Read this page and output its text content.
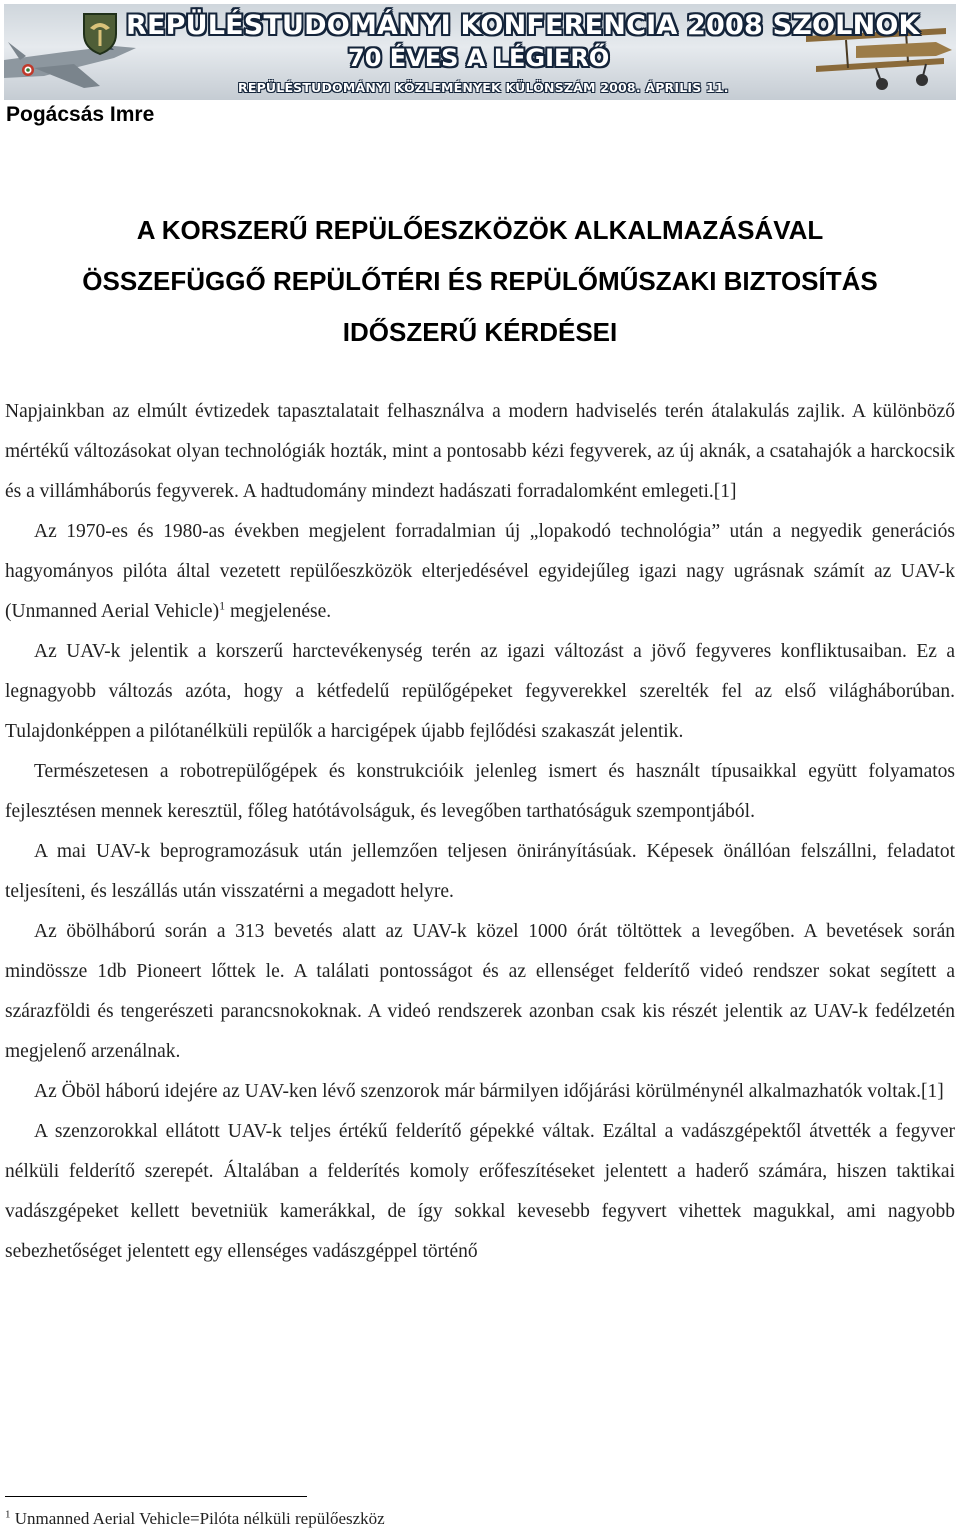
REPÜLÉSTUDOMÁNYI KONFERENCIA 2008 SZOLNOK
70 ÉVES A LÉGIERŐ
REPÜLÉSTUDOMÁNYI KÖZLEMÉNYEK KÜLÖNSZÁM 2008. ÁPRILIS 11.
Pogácsás Imre
A KORSZERŰ REPÜLŐESZKÖZÖK ALKALMAZÁSÁVAL
ÖSSZEFÜGGŐ REPÜLŐTÉRI ÉS REPÜLŐMŰSZAKI BIZTOSÍTÁS
IDŐSZERŰ KÉRDÉSEI

Napjainkban az elmúlt évtizedek tapasztalatait felhasználva a modern hadviselés terén átalakulás zajlik. A különböző mértékű változásokat olyan technológiák hozták, mint a pontosabb kézi fegyverek, az új aknák, a csatahajók a harckocsik és a villámháborús fegyverek. A hadtudomány mindezt hadászati forradalomként emlegeti.[1]

Az 1970-es és 1980-as években megjelent forradalmian új „lopakodó technológia” után a negyedik generációs hagyományos pilóta által vezetett repülőeszközök elterjedésével egyidejűleg igazi nagy ugrásnak számít az UAV-k (Unmanned Aerial Vehicle)$^1$ megjelenése.

Az UAV-k jelentik a korszerű harctevékenység terén az igazi változást a jövő fegyveres konfliktusaiban. Ez a legnagyobb változás azóta, hogy a kétfedelű repülőgépeket fegyverekkel szerelték fel az első világháborúban. Tulajdonképpen a pilótanélküli repülők a harcigépek újabb fejlődési szakaszát jelentik.

Természetesen a robotrepülőgépek és konstrukcióik jelenleg ismert és használt típusaikkal együtt folyamatos fejlesztésen mennek keresztül, főleg hatótávolságuk, és levegőben tarthatóságuk szempontjából.

A mai UAV-k beprogramozásuk után jellemzően teljesen önirányításúak. Képesek önállóan felszállni, feladatot teljesíteni, és leszállás után visszatérni a megadott helyre.

Az öbölháború során a 313 bevetés alatt az UAV-k közel 1000 órát töltöttek a levegőben. A bevetések során mindössze 1db Pioneert lőttek le. A találati pontosságot és az ellenséget felderítő videó rendszer sokat segített a szárazföldi és tengerészeti parancsnokoknak. A videó rendszerek azonban csak kis részét jelentik az UAV-k fedélzetén megjelenő arzenálnak.

Az Öböl háború idejére az UAV-ken lévő szenzorok már bármilyen időjárási körülménynél alkalmazhatók voltak.[1]

A szenzorokkal ellátott UAV-k teljes értékű felderítő gépekké váltak. Ezáltal a vadászgépektől átvették a fegyver nélküli felderítő szerepét. Általában a felderítés komoly erőfeszítéseket jelentett a haderő számára, hiszen taktikai vadászgépeket kellett bevetniük kamerákkal, de így sokkal kevesebb fegyvert vihettek magukkal, ami nagyobb sebezhetőséget jelentett egy ellenséges vadászgéppel történő

$^1$ Unmanned Aerial Vehicle=Pilóta nélküli repülőeszköz
